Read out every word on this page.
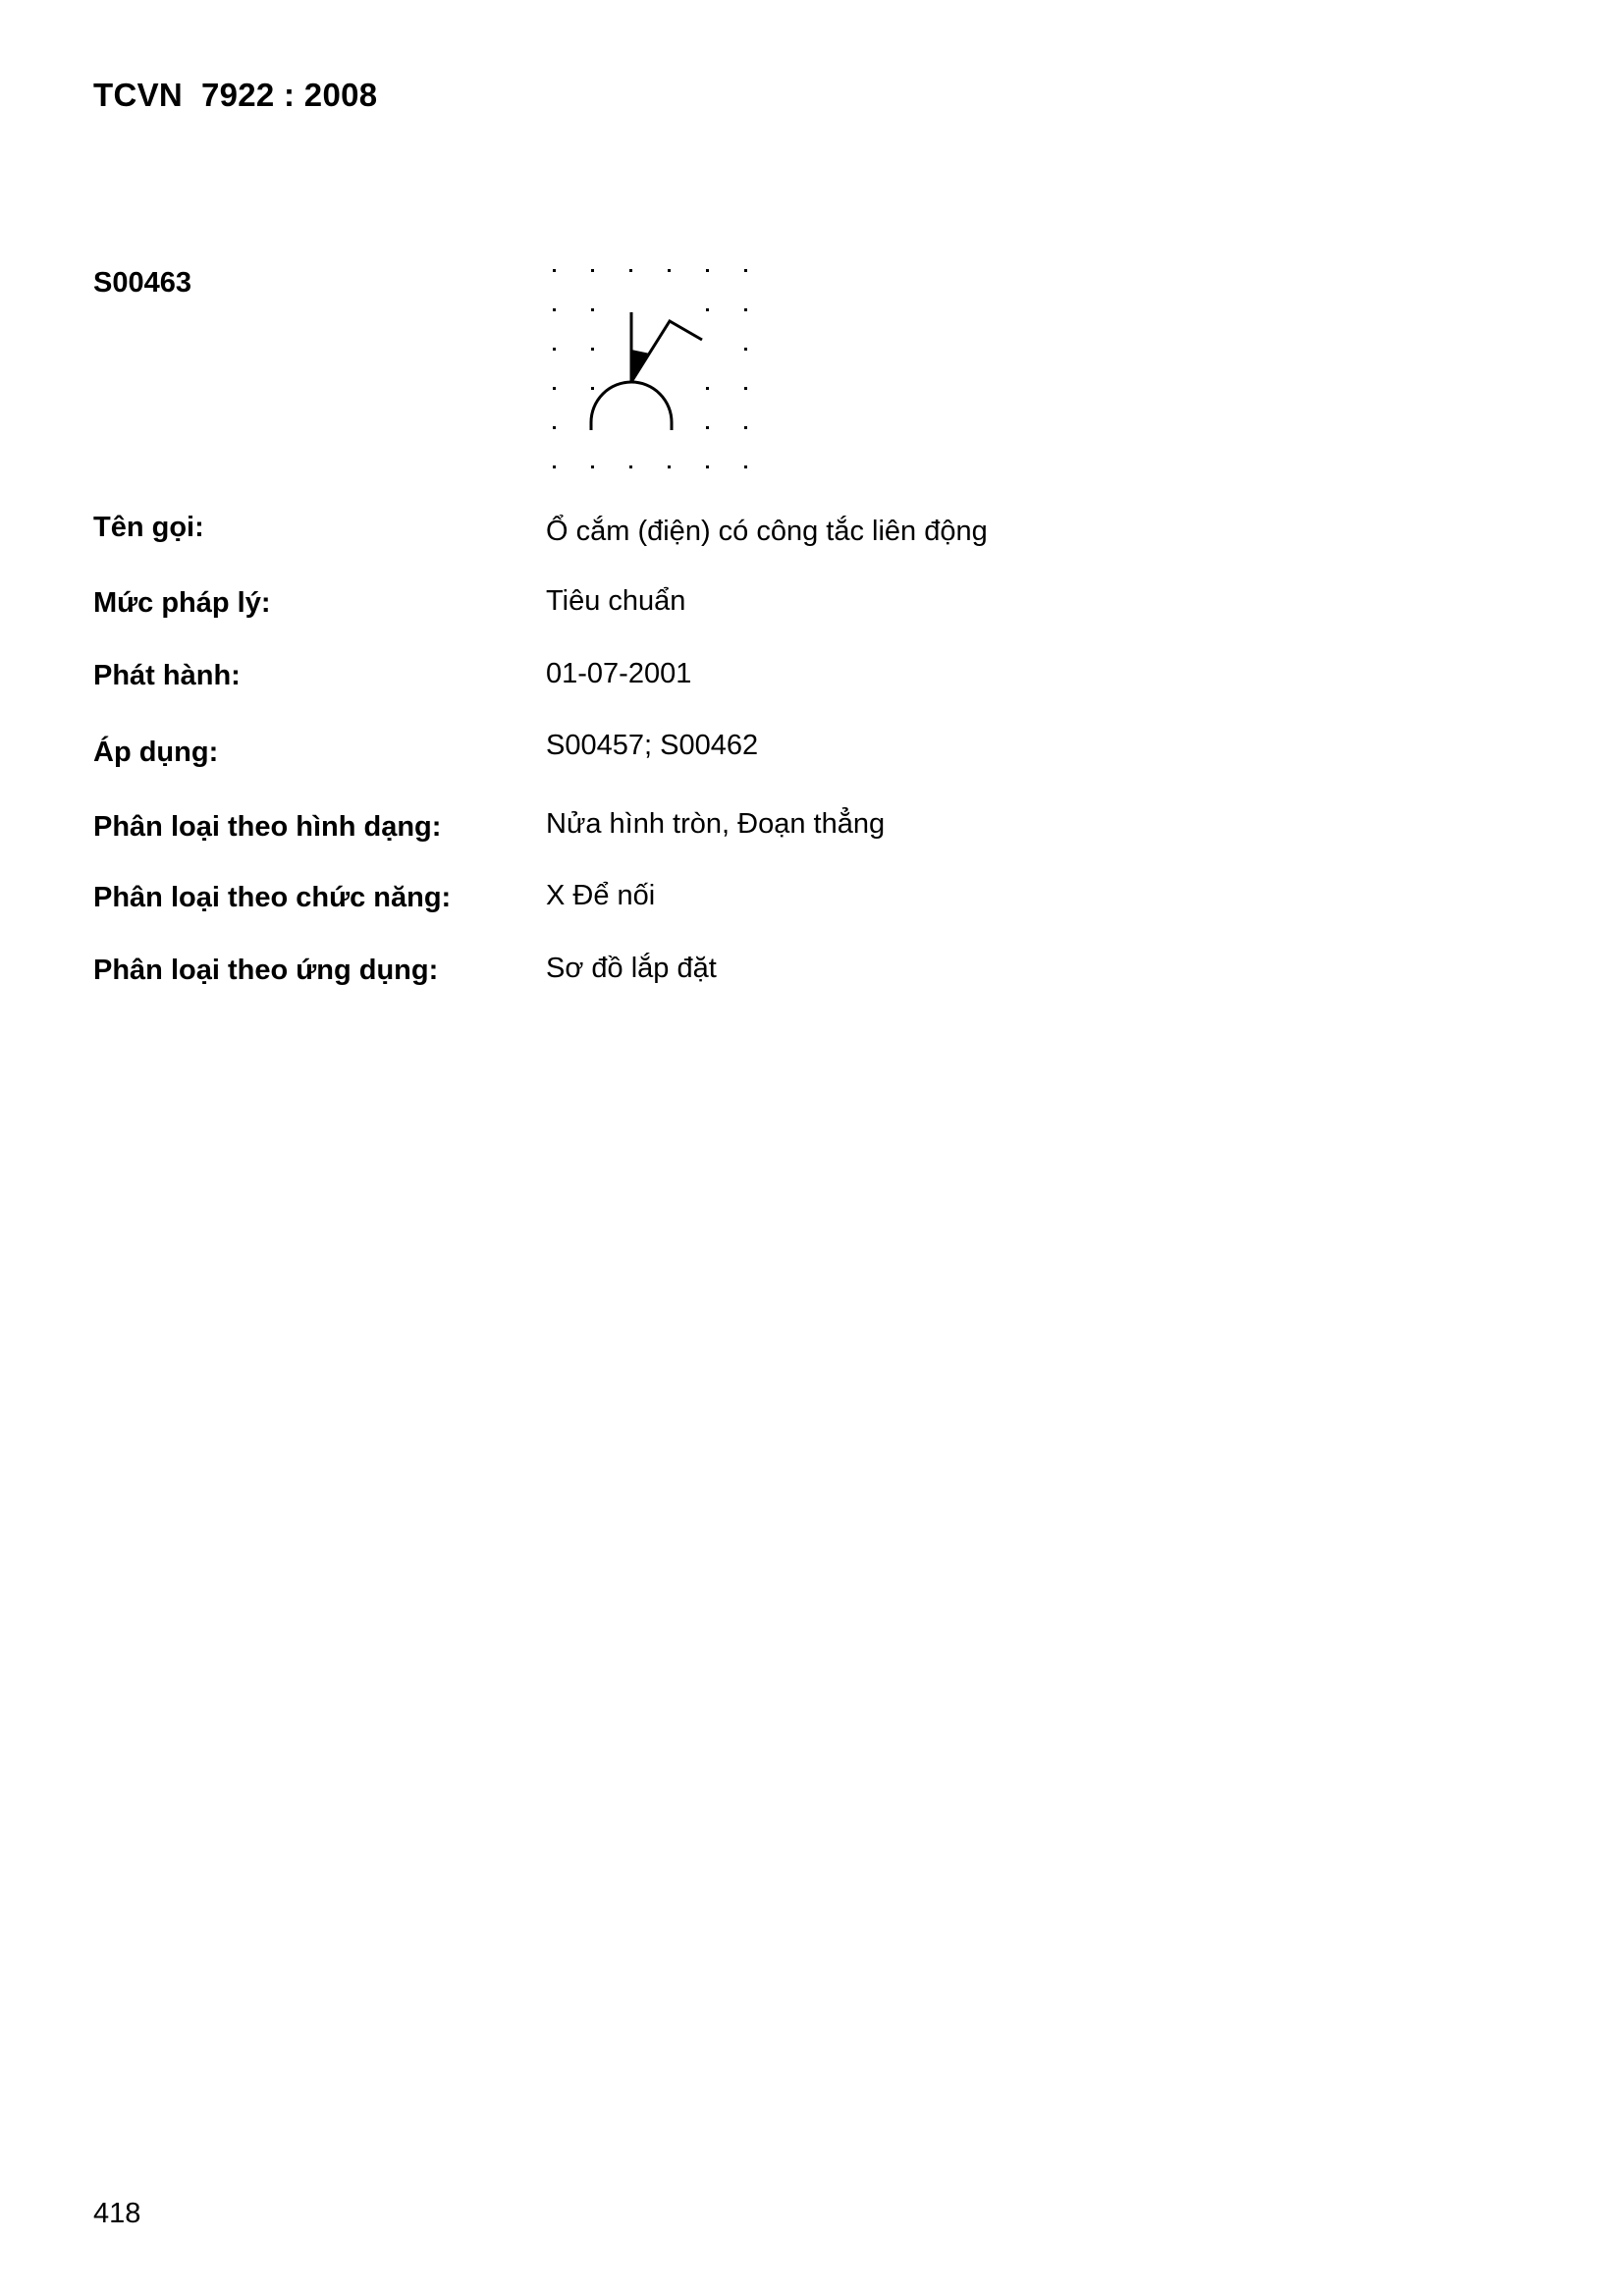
TCVN  7922 : 2008
S00463
Tên gọi:	Ổ cắm (điện) có công tắc liên động
Mức pháp lý:	Tiêu chuẩn
Phát hành:	01-07-2001
Áp dụng:	S00457; S00462
Phân loại theo hình dạng:	Nửa hình tròn, Đoạn thẳng
Phân loại theo chức năng:	X Để nối
Phân loại theo ứng dụng:	Sơ đồ lắp đặt
418
